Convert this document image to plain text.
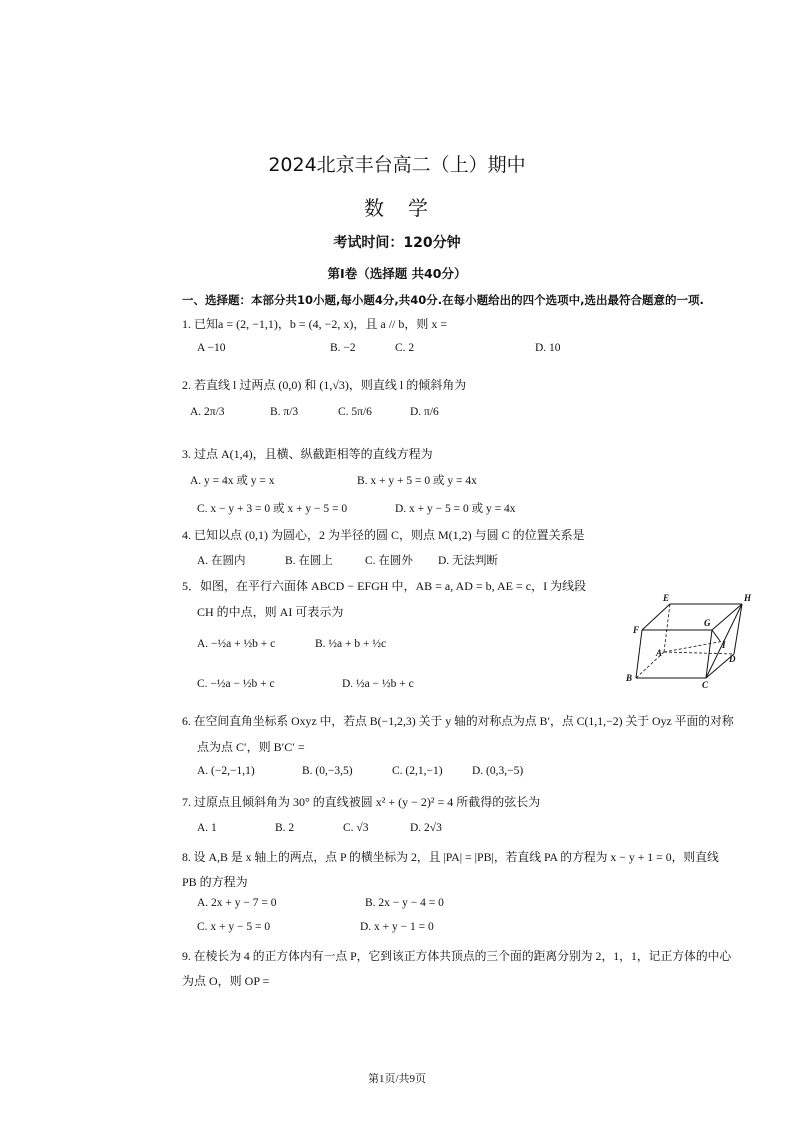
2024北京丰台高二（上）期中
数　学
考试时间：120分钟
第I卷（选择题 共40分）
一、选择题：本部分共10小题,每小题4分,共40分.在每小题给出的四个选项中,选出最符合题意的一项.
1. 已知a = (2, −1,1)，b = (4, −2, x)，且 a // b，则 x =
A −10	B. −2	C. 2	D. 10
2. 若直线 l 过两点 (0,0) 和 (1,√3)，则直线 l 的倾斜角为
A. 2π/3	B. π/3	C. 5π/6	D. π/6
3. 过点 A(1,4)，且横、纵截距相等的直线方程为
A. y = 4x 或 y = x	B. x + y + 5 = 0 或 y = 4x
C. x − y + 3 = 0 或 x + y − 5 = 0	D. x + y − 5 = 0 或 y = 4x
4. 已知以点 (0,1) 为圆心，2 为半径的圆 C，则点 M(1,2) 与圆 C 的位置关系是
A. 在圆内	B. 在圆上	C. 在圆外 D. 无法判断
5．如图，在平行六面体 ABCD − EFGH 中，AB = a, AD = b, AE = c，I 为线段
CH 的中点，则 AI 可表示为
A. −½a + ½b + c	B. ½a + b + ½c
C. −½a − ½b + c	D. ½a − ½b + c
E	H
F
G
A
I
D
B
C
6. 在空间直角坐标系 Oxyz 中，若点 B(−1,2,3) 关于 y 轴的对称点为点 B′，点 C(1,1,−2) 关于 Oyz 平面的对称
点为点 C′，则 B′C′ =
A. (−2,−1,1)	B. (0,−3,5)	C. (2,1,−1)	D. (0,3,−5)
7. 过原点且倾斜角为 30° 的直线被圆 x² + (y − 2)² = 4 所截得的弦长为
A. 1	B. 2	C. √3	D. 2√3
8. 设 A,B 是 x 轴上的两点，点 P 的横坐标为 2，且 |PA| = |PB|，若直线 PA 的方程为 x − y + 1 = 0，则直线
PB 的方程为
A. 2x + y − 7 = 0	B. 2x − y − 4 = 0
C. x + y − 5 = 0	D. x + y − 1 = 0
9. 在棱长为 4 的正方体内有一点 P，它到该正方体共顶点的三个面的距离分别为 2，1，1，记正方体的中心
为点 O，则 OP =
第1页/共9页
